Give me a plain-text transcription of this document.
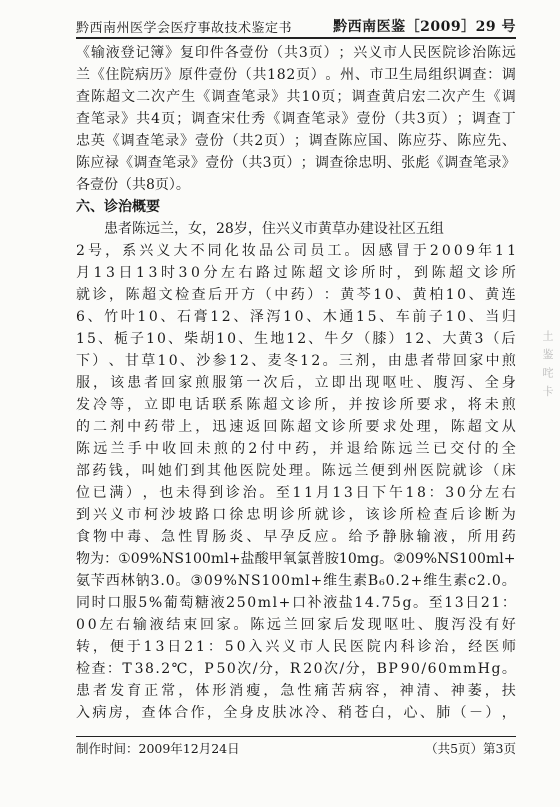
黔西南州医学会医疗事故技术鉴定书	黔西南医鉴［2009］29 号
《 输 液 登 记 簿 》 复 印 件 各 壹 份 （ 共 3 页 ） ； 兴 义 市 人 民 医 院 诊 治 陈 远
兰 《 住 院 病 历 》 原 件 壹 份 （ 共 1 8 2 页 ） 。 州 、 市 卫 生 局 组 织 调 查 ： 调
查 陈 超 文 二 次 产 生 《 调 查 笔 录 》 共 1 0 页 ； 调 查 黄 启 宏 二 次 产 生 《 调
查 笔 录 》 共 4 页 ； 调 查 宋 仕 秀 《 调 查 笔 录 》 壹 份 （ 共 3 页 ） ； 调 查 丁
忠 英 《 调 查 笔 录 》 壹 份 （ 共 2 页 ） ； 调 查 陈 应 国 、 陈 应 芬 、 陈 应 先 、
陈 应 禄 《 调 查 笔 录 》 壹 份 （ 共 3 页 ） ； 调 查 徐 忠 明 、 张 彪 《 调 查 笔 录 》
各壹份（共8页）。
六、诊治概要
患者陈远兰，女，28岁，住兴义市黄草办建设社区五组
2 号 ， 系 兴 义 大 不 同 化 妆 品 公 司 员 工 。 因 感 冒 于 2 0 0 9 年 1 1
月 1 3 日 1 3 时 3 0 分 左 右 路 过 陈 超 文 诊 所 时 ， 到 陈 超 文 诊 所
就 诊 ， 陈 超 文 检 查 后 开 方 （ 中 药 ） ： 黄 芩 1 0 、 黄 柏 1 0 、 黄 连
6 、 竹 叶 1 0 、 石 膏 1 2 、 泽 泻 1 0 、 木 通 1 5 、 车 前 子 1 0 、 当 归
1 5 、 栀 子 1 0 、 柴 胡 1 0 、 生 地 1 2 、 牛 夕 （ 膝 ） 1 2 、 大 黄 3 （ 后
下 ） 、 甘 草 1 0 、 沙 参 1 2 、 麦 冬 1 2 。 三 剂 ， 由 患 者 带 回 家 中 煎
服 ， 该 患 者 回 家 煎 服 第 一 次 后 ， 立 即 出 现 呕 吐 、 腹 泻 、 全 身
发 冷 等 ， 立 即 电 话 联 系 陈 超 文 诊 所 ， 并 按 诊 所 要 求 ， 将 未 煎
的 二 剂 中 药 带 上 ， 迅 速 返 回 陈 超 文 诊 所 要 求 处 理 ， 陈 超 文 从
陈 远 兰 手 中 收 回 未 煎 的 2 付 中 药 ， 并 退 给 陈 远 兰 已 交 付 的 全
部 药 钱 ， 叫 她 们 到 其 他 医 院 处 理 。 陈 远 兰 便 到 州 医 院 就 诊 （ 床
位 已 满 ） ， 也 未 得 到 诊 治 。 至 1 1 月 1 3 日 下 午 1 8 ： 3 0 分 左 右
到 兴 义 市 柯 沙 坡 路 口 徐 忠 明 诊 所 就 诊 ， 该 诊 所 检 查 后 诊 断 为
食 物 中 毒 、 急 性 胃 肠 炎 、 早 孕 反 应 。 给 予 静 脉 输 液 ， 所 用 药
物 为 ： ① 0 9 % N S 1 0 0 m l + 盐 酸 甲 氧 氯 普 胺 1 0 m g 。 ② 0 9 % N S 1 0 0 m l +
氨 苄 西 林 钠 3 . 0 。 ③ 0 9 % N S 1 0 0 m l + 维 生 素 B ₆ 0 . 2 + 维 生 素 c 2 . 0 。
同 时 口 服 5 % 葡 萄 糖 液 2 5 0 m l + 口 补 液 盐 1 4 . 7 5 g 。 至 1 3 日 2 1 ：
0 0 左 右 输 液 结 束 回 家 。 陈 远 兰 回 家 后 发 现 呕 吐 、 腹 泻 没 有 好
转 ， 便 于 1 3 日 2 1 ： 5 0 入 兴 义 市 人 民 医 院 内 科 诊 治 ， 经 医 师
检 查 ： T 3 8 . 2 ℃ ， P 5 0 次 / 分 ， R 2 0 次 / 分 ， B P 9 0 / 6 0 m m H g 。
患 者 发 育 正 常 ， 体 形 消 瘦 ， 急 性 痛 苦 病 容 ， 神 清 、 神 萎 ， 扶
入 病 房 ， 查 体 合 作 ， 全 身 皮 肤 冰 冷 、 稍 苍 白 ， 心 、 肺 （ － ） ，
土 鉴 咤 卡
制作时间：2009年12月24日	（共5页）第3页
